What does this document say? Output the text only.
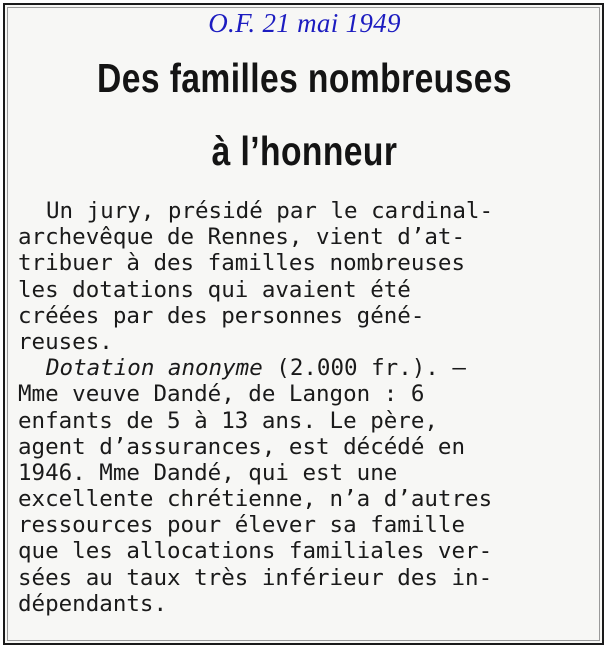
O.F. 21 mai 1949
Des familles nombreuses
à l’honneur
Un jury, présidé par le cardinal-
archevêque de Rennes, vient d’at-
tribuer à des familles nombreuses
les dotations qui avaient été
créées par des personnes géné-
reuses.
Dotation anonyme (2.000 fr.). —
Mme veuve Dandé, de Langon : 6
enfants de 5 à 13 ans. Le père,
agent d’assurances, est décédé en
1946. Mme Dandé, qui est une
excellente chrétienne, n’a d’autres
ressources pour élever sa famille
que les allocations familiales ver-
sées au taux très inférieur des in-
dépendants.
